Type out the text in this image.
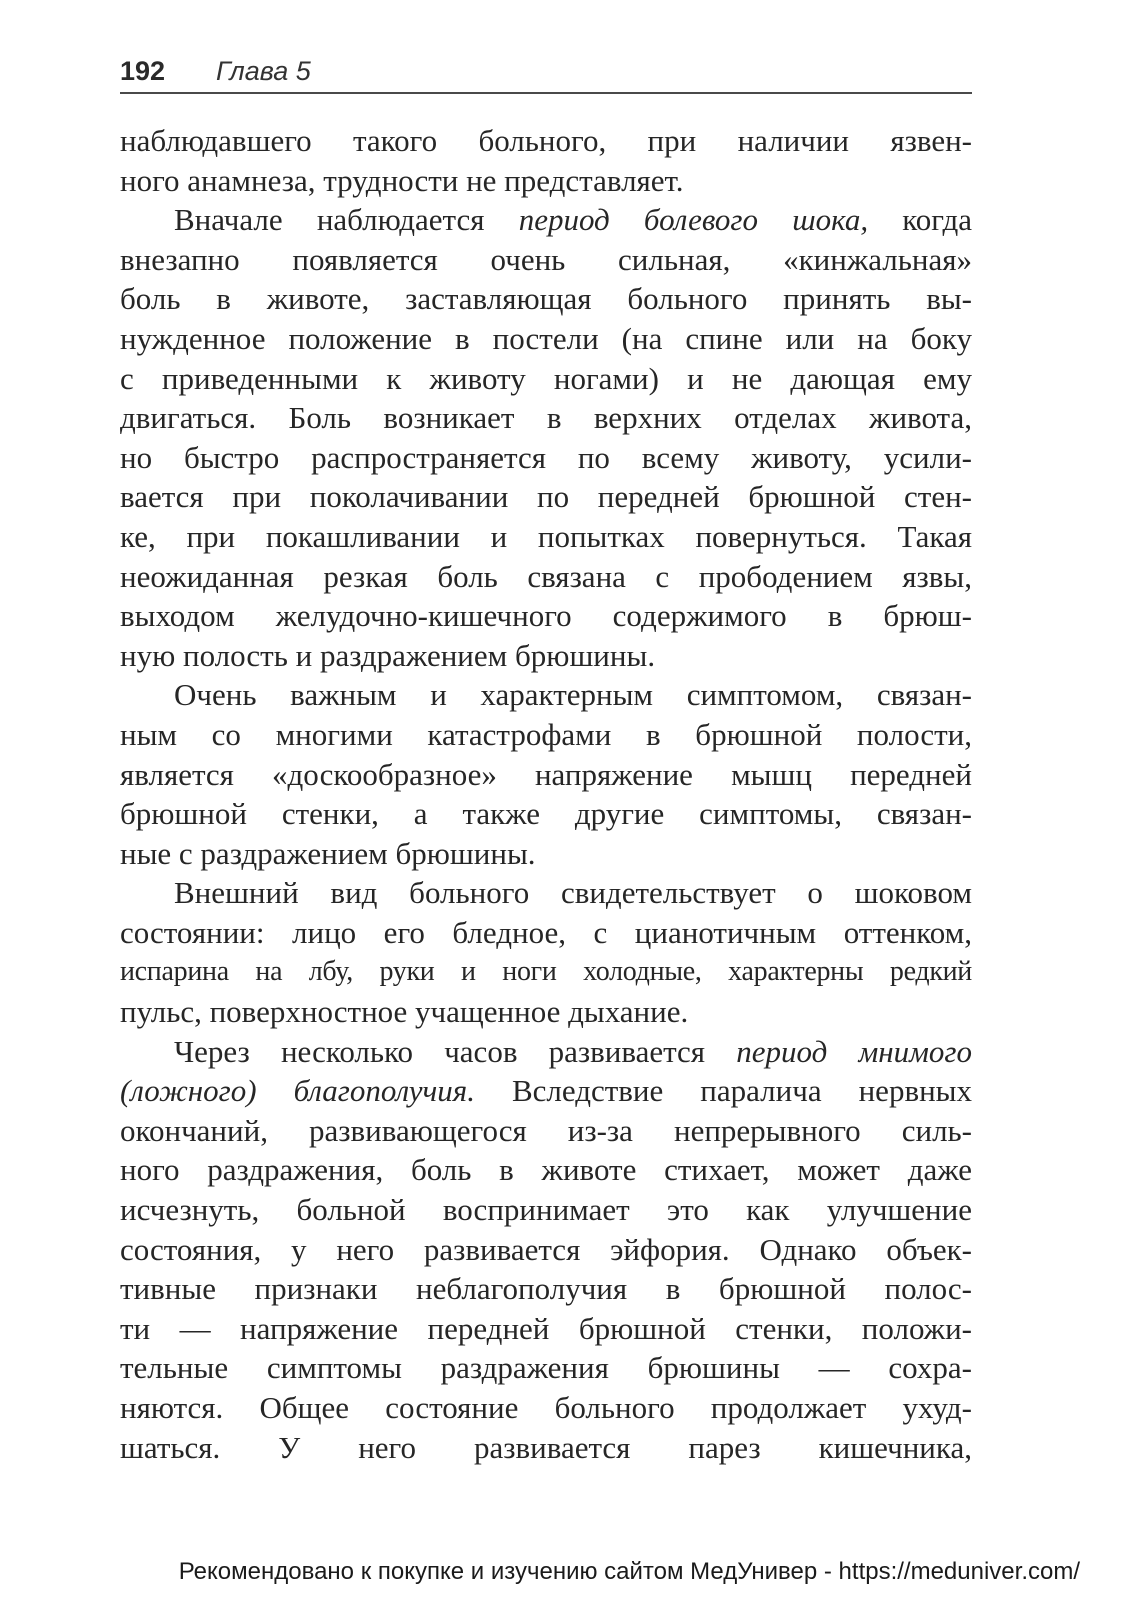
192 Глава 5
наблюдавшего такого больного, при наличии язвен-
ного анамнеза, трудности не представляет.
Вначале наблюдается период болевого шока, когда
внезапно появляется очень сильная, «кинжальная»
боль в животе, заставляющая больного принять вы-
нужденное положение в постели (на спине или на боку
с приведенными к животу ногами) и не дающая ему
двигаться. Боль возникает в верхних отделах живота,
но быстро распространяется по всему животу, усили-
вается при поколачивании по передней брюшной стен-
ке, при покашливании и попытках повернуться. Такая
неожиданная резкая боль связана с прободением язвы,
выходом желудочно-кишечного содержимого в брюш-
ную полость и раздражением брюшины.
Очень важным и характерным симптомом, связан-
ным со многими катастрофами в брюшной полости,
является «доскообразное» напряжение мышц передней
брюшной стенки, а также другие симптомы, связан-
ные с раздражением брюшины.
Внешний вид больного свидетельствует о шоковом
состоянии: лицо его бледное, с цианотичным оттенком,
испарина на лбу, руки и ноги холодные, характерны редкий
пульс, поверхностное учащенное дыхание.
Через несколько часов развивается период мнимого
(ложного) благополучия. Вследствие паралича нервных
окончаний, развивающегося из-за непрерывного силь-
ного раздражения, боль в животе стихает, может даже
исчезнуть, больной воспринимает это как улучшение
состояния, у него развивается эйфория. Однако объек-
тивные признаки неблагополучия в брюшной полос-
ти — напряжение передней брюшной стенки, положи-
тельные симптомы раздражения брюшины — сохра-
няются. Общее состояние больного продолжает ухуд-
шаться. У него развивается парез кишечника,
Рекомендовано к покупке и изучению сайтом МедУнивер - https://meduniver.com/
